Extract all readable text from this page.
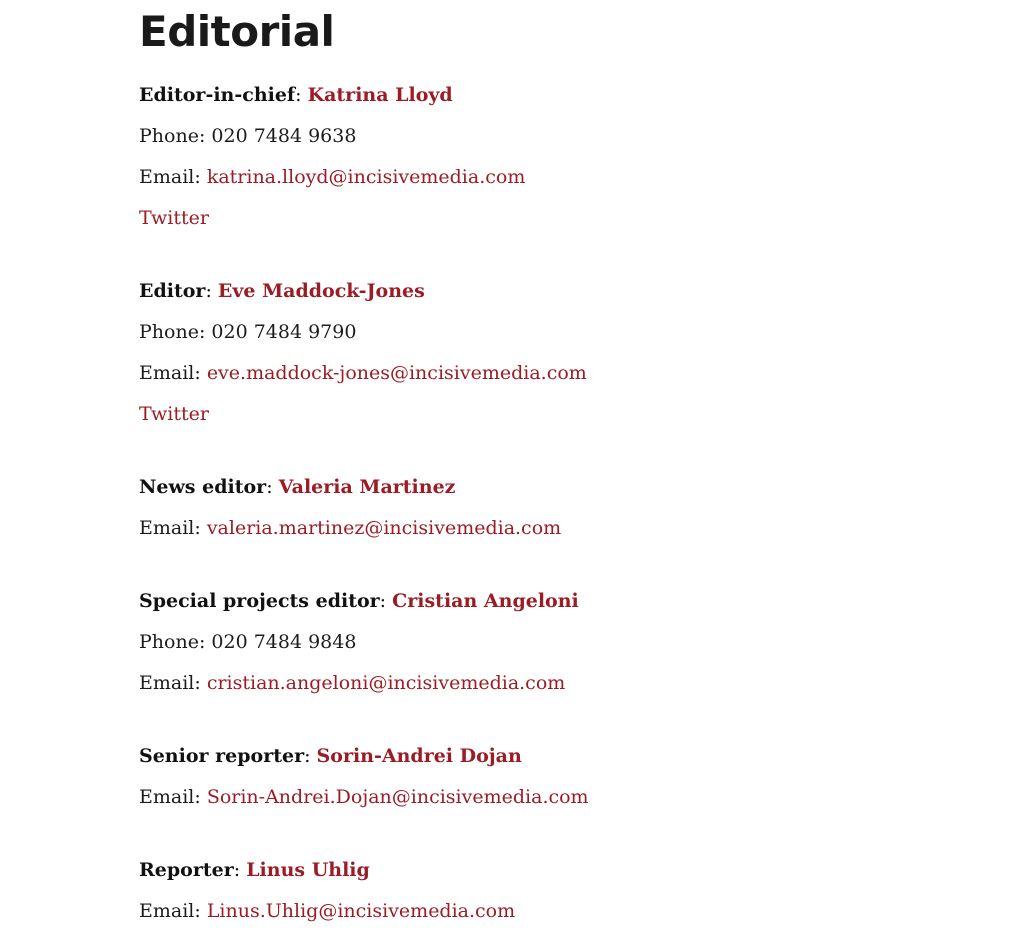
Editorial
Editor-in-chief: Katrina Lloyd
Phone: 020 7484 9638
Email: katrina.lloyd@incisivemedia.com
Twitter
Editor: Eve Maddock-Jones
Phone: 020 7484 9790
Email: eve.maddock-jones@incisivemedia.com
Twitter
News editor: Valeria Martinez
Email: valeria.martinez@incisivemedia.com
Special projects editor: Cristian Angeloni
Phone: 020 7484 9848
Email: cristian.angeloni@incisivemedia.com
Senior reporter: Sorin-Andrei Dojan
Email: Sorin-Andrei.Dojan@incisivemedia.com
Reporter: Linus Uhlig
Email: Linus.Uhlig@incisivemedia.com
